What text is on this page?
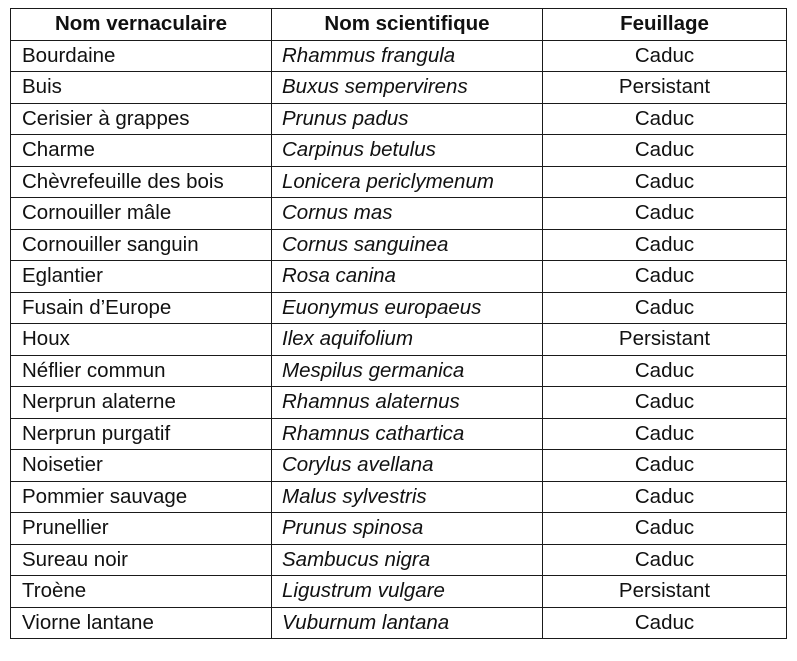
Nom vernaculaire	Nom scientifique	Feuillage
Bourdaine	Rhammus frangula	Caduc
Buis	Buxus sempervirens	Persistant
Cerisier à grappes	Prunus padus	Caduc
Charme	Carpinus betulus	Caduc
Chèvrefeuille des bois	Lonicera periclymenum	Caduc
Cornouiller mâle	Cornus mas	Caduc
Cornouiller sanguin	Cornus sanguinea	Caduc
Eglantier	Rosa canina	Caduc
Fusain d’Europe	Euonymus europaeus	Caduc
Houx	Ilex aquifolium	Persistant
Néflier commun	Mespilus germanica	Caduc
Nerprun alaterne	Rhamnus alaternus	Caduc
Nerprun purgatif	Rhamnus cathartica	Caduc
Noisetier	Corylus avellana	Caduc
Pommier sauvage	Malus sylvestris	Caduc
Prunellier	Prunus spinosa	Caduc
Sureau noir	Sambucus nigra	Caduc
Troène	Ligustrum vulgare	Persistant
Viorne lantane	Vuburnum lantana	Caduc
